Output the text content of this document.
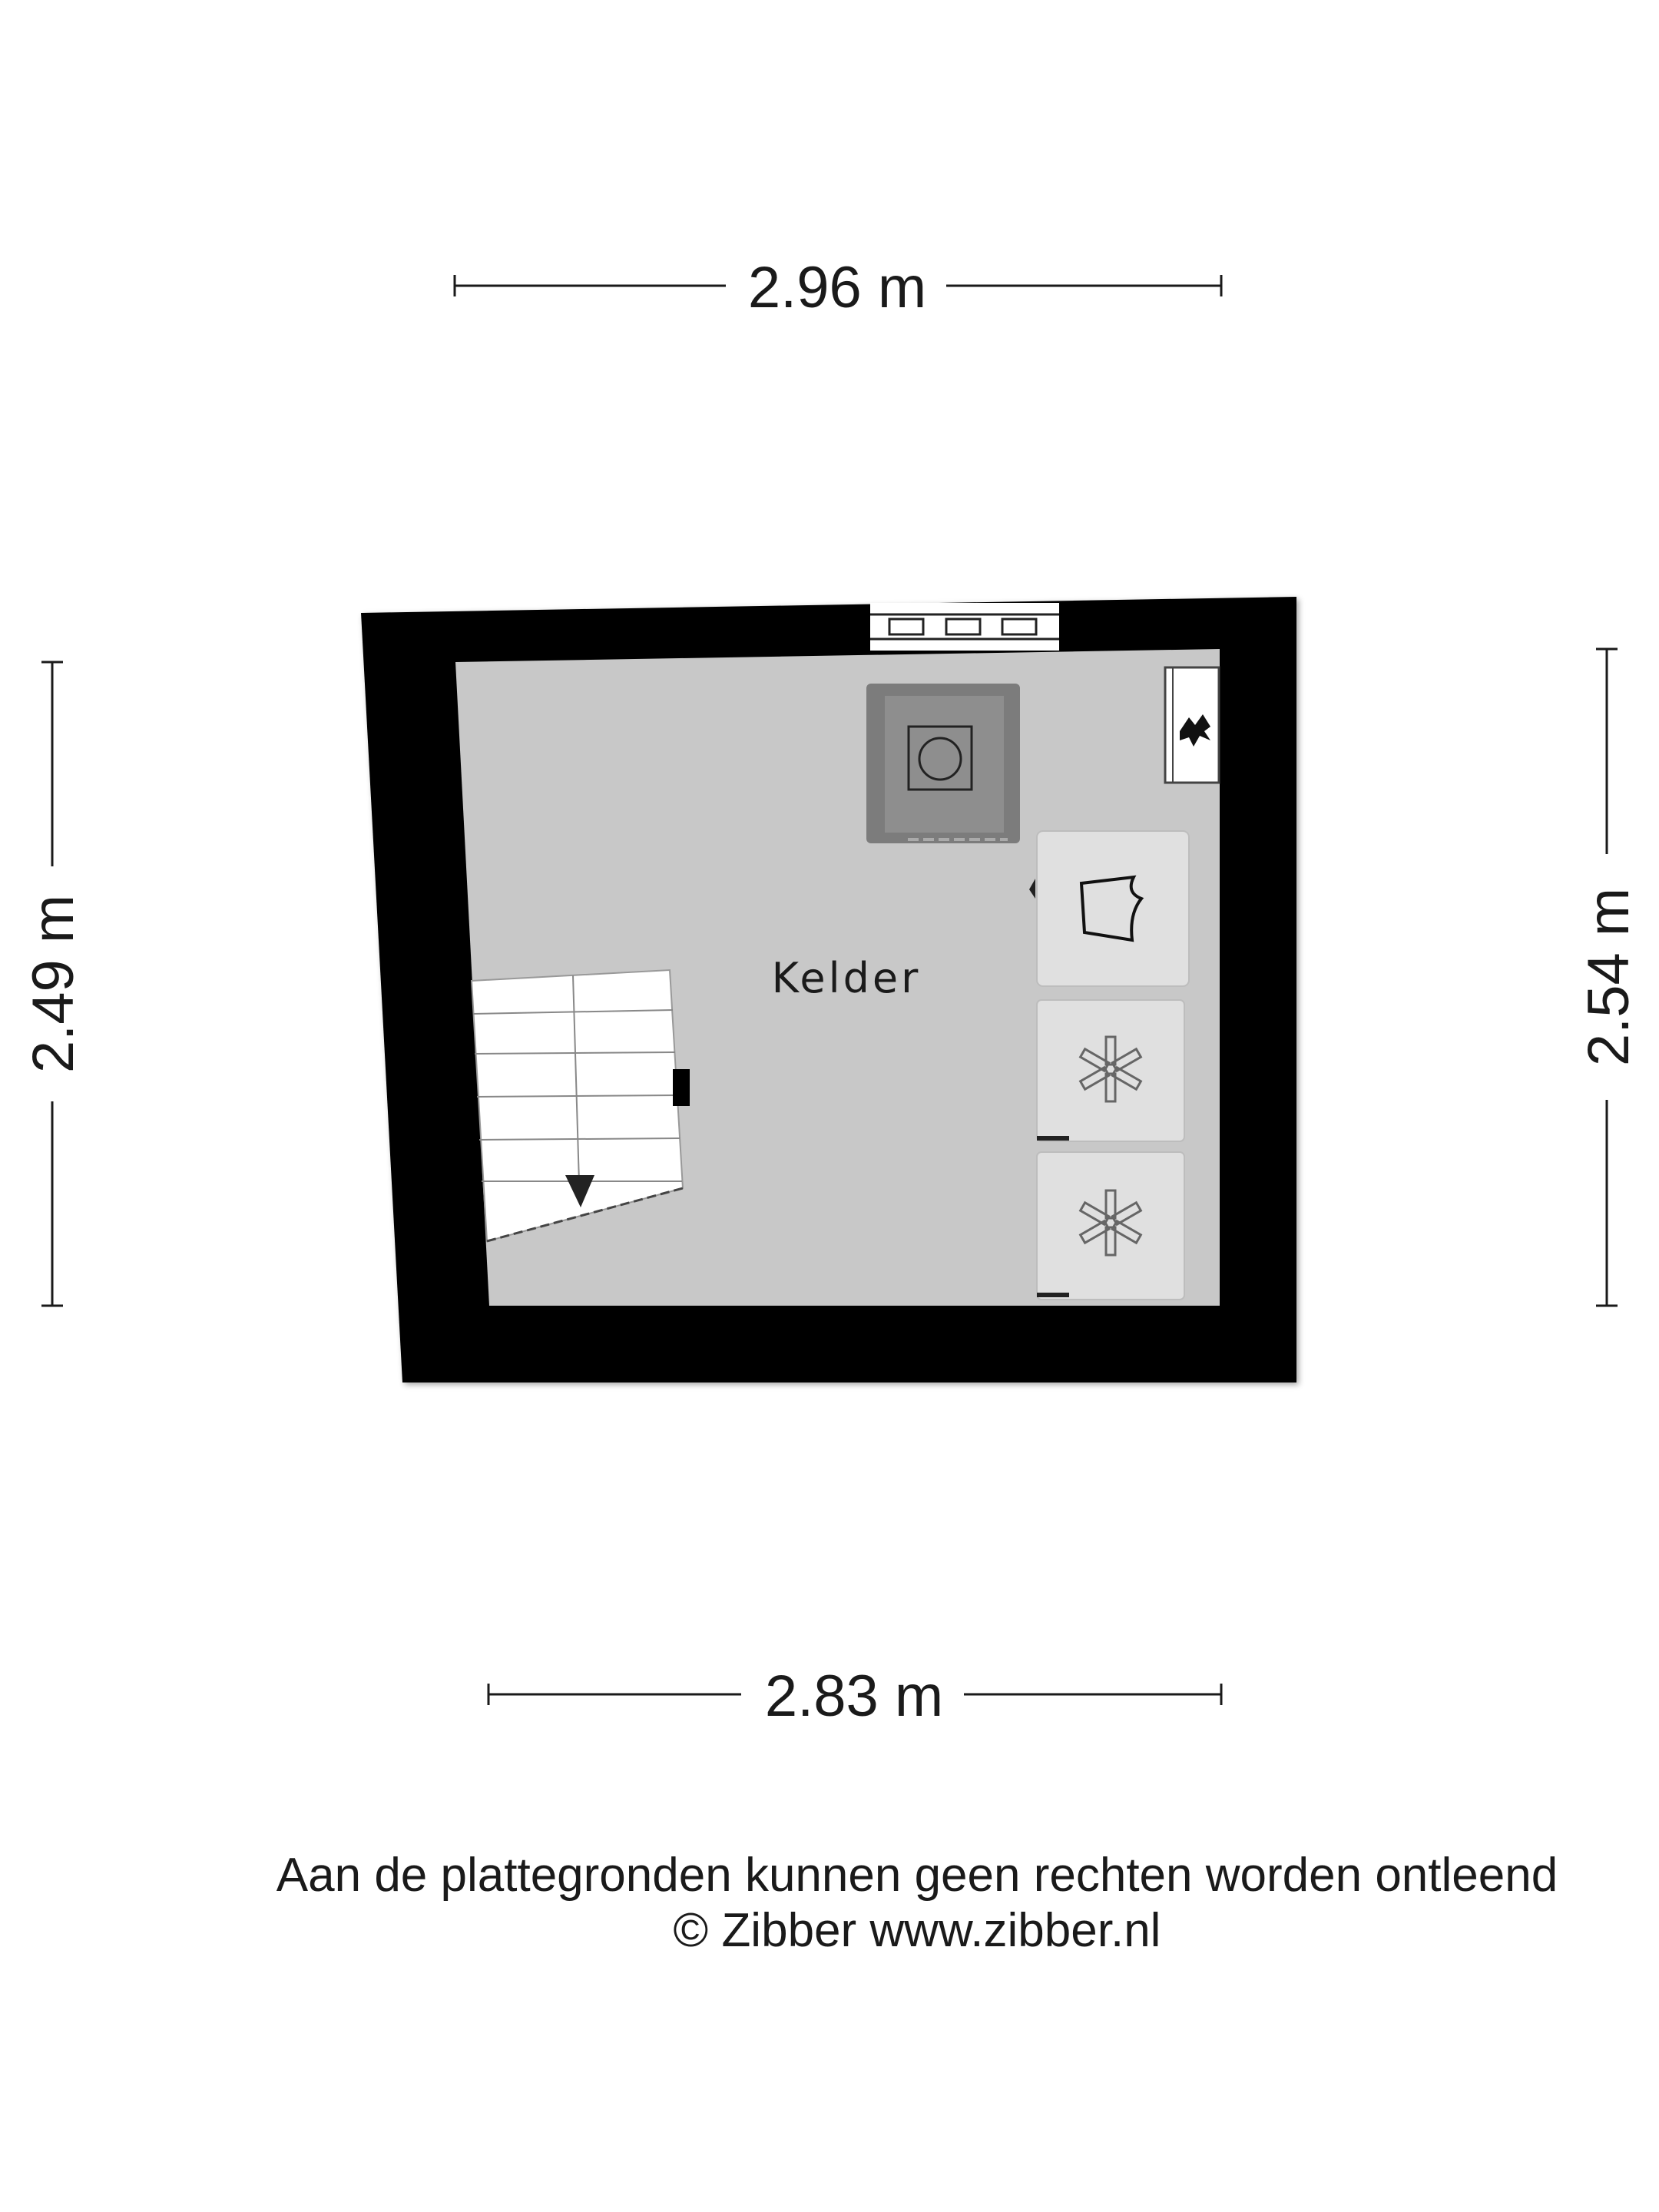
2.96 m
2.49 m	2.54 m
2.83 m
Kelder
Aan de plattegronden kunnen geen rechten worden ontleend
© Zibber www.zibber.nl
